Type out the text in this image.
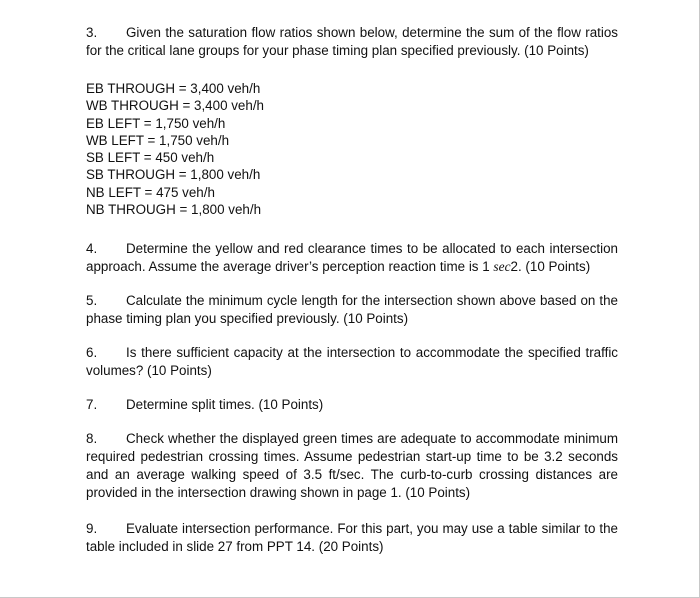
3. Given the saturation flow ratios shown below, determine the sum of the flow ratios for the critical lane groups for your phase timing plan specified previously. (10 Points)

EB THROUGH = 3,400 veh/h
WB THROUGH = 3,400 veh/h
EB LEFT = 1,750 veh/h
WB LEFT = 1,750 veh/h
SB LEFT = 450 veh/h
SB THROUGH = 1,800 veh/h
NB LEFT = 475 veh/h
NB THROUGH = 1,800 veh/h

4. Determine the yellow and red clearance times to be allocated to each intersection approach. Assume the average driver’s perception reaction time is 1 sec2. (10 Points)

5. Calculate the minimum cycle length for the intersection shown above based on the phase timing plan you specified previously. (10 Points)

6. Is there sufficient capacity at the intersection to accommodate the specified traffic volumes? (10 Points)

7. Determine split times. (10 Points)

8. Check whether the displayed green times are adequate to accommodate minimum required pedestrian crossing times. Assume pedestrian start-up time to be 3.2 seconds and an average walking speed of 3.5 ft/sec. The curb-to-curb crossing distances are provided in the intersection drawing shown in page 1. (10 Points)

9. Evaluate intersection performance. For this part, you may use a table similar to the table included in slide 27 from PPT 14. (20 Points)
